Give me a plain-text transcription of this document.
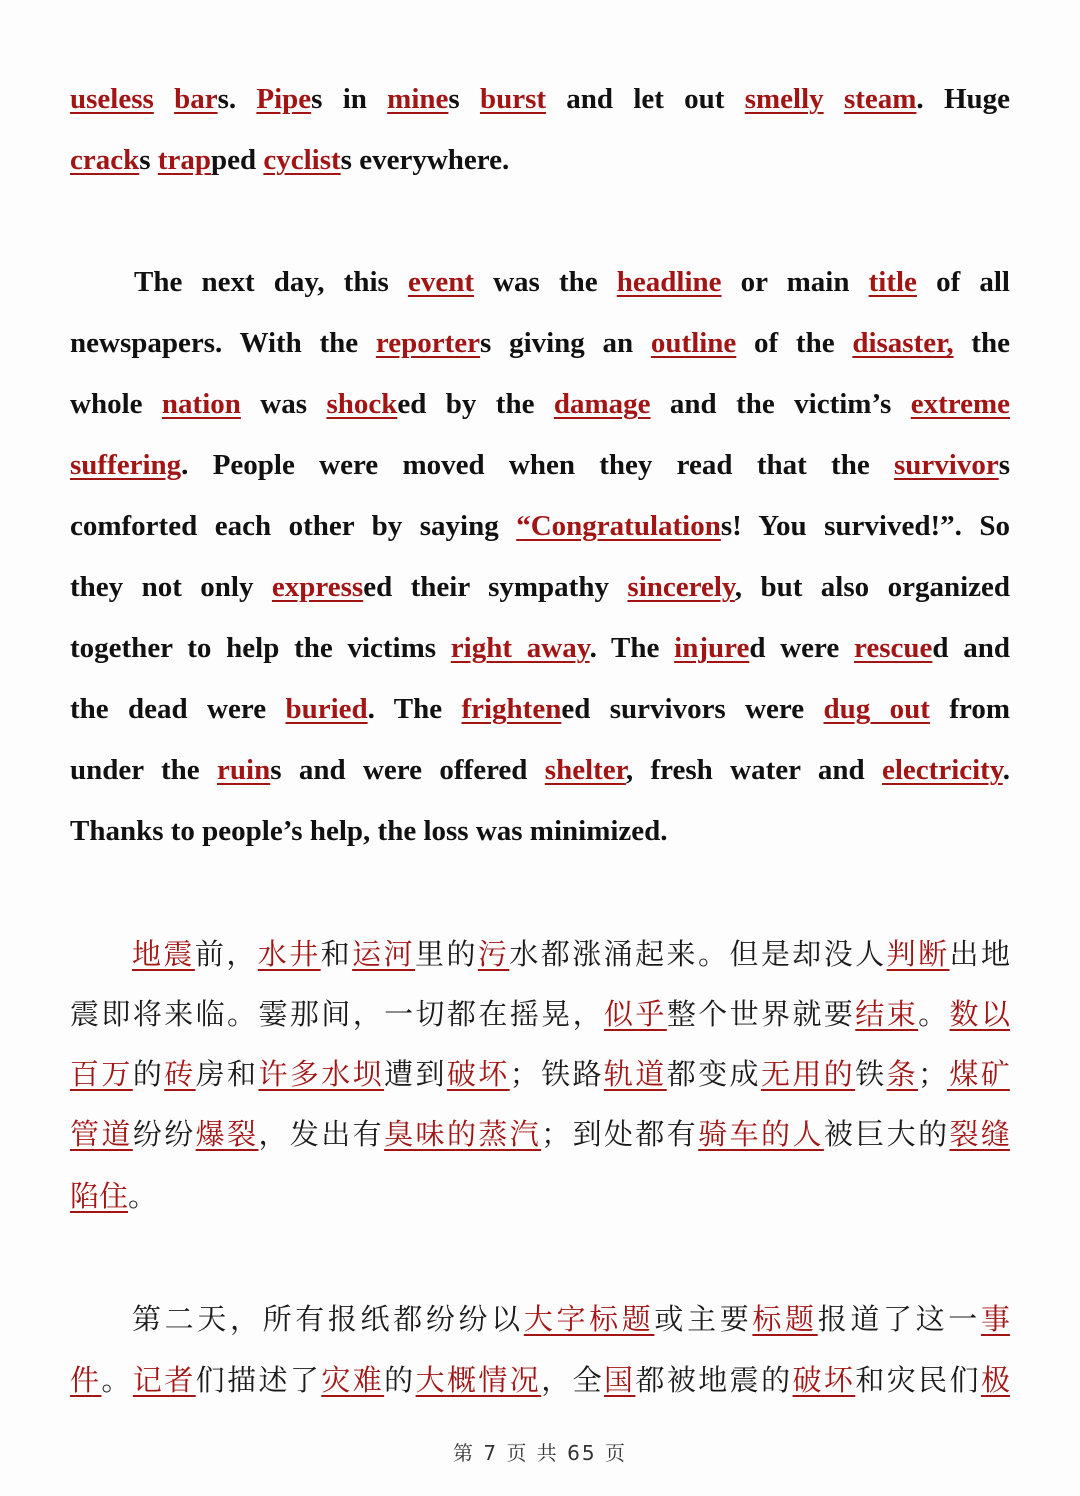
useless bars. Pipes in mines burst and let out smelly steam. Huge
cracks trapped cyclists everywhere.
The next day, this event was the headline or main title of all
newspapers. With the reporters giving an outline of the disaster, the
whole nation was shocked by the damage and the victim’s extreme
suffering. People were moved when they read that the survivors
comforted each other by saying “Congratulations! You survived!”. So
they not only expressed their sympathy sincerely, but also organized
together to help the victims right away. The injured were rescued and
the dead were buried. The frightened survivors were dug out from
under the ruins and were offered shelter, fresh water and electricity.
Thanks to people’s help, the loss was minimized.
地震前，水井和运河里的污水都涨涌起来。但是却没人判断出地
震即将来临。霎那间，一切都在摇晃，似乎整个世界就要结束。数以
百万的砖房和许多水坝遭到破坏；铁路轨道都变成无用的铁条；煤矿
管道纷纷爆裂，发出有臭味的蒸汽；到处都有骑车的人被巨大的裂缝
陷住。
第二天，所有报纸都纷纷以大字标题或主要标题报道了这一事
件。记者们描述了灾难的大概情况，全国都被地震的破坏和灾民们极
第 7 页 共 65 页
